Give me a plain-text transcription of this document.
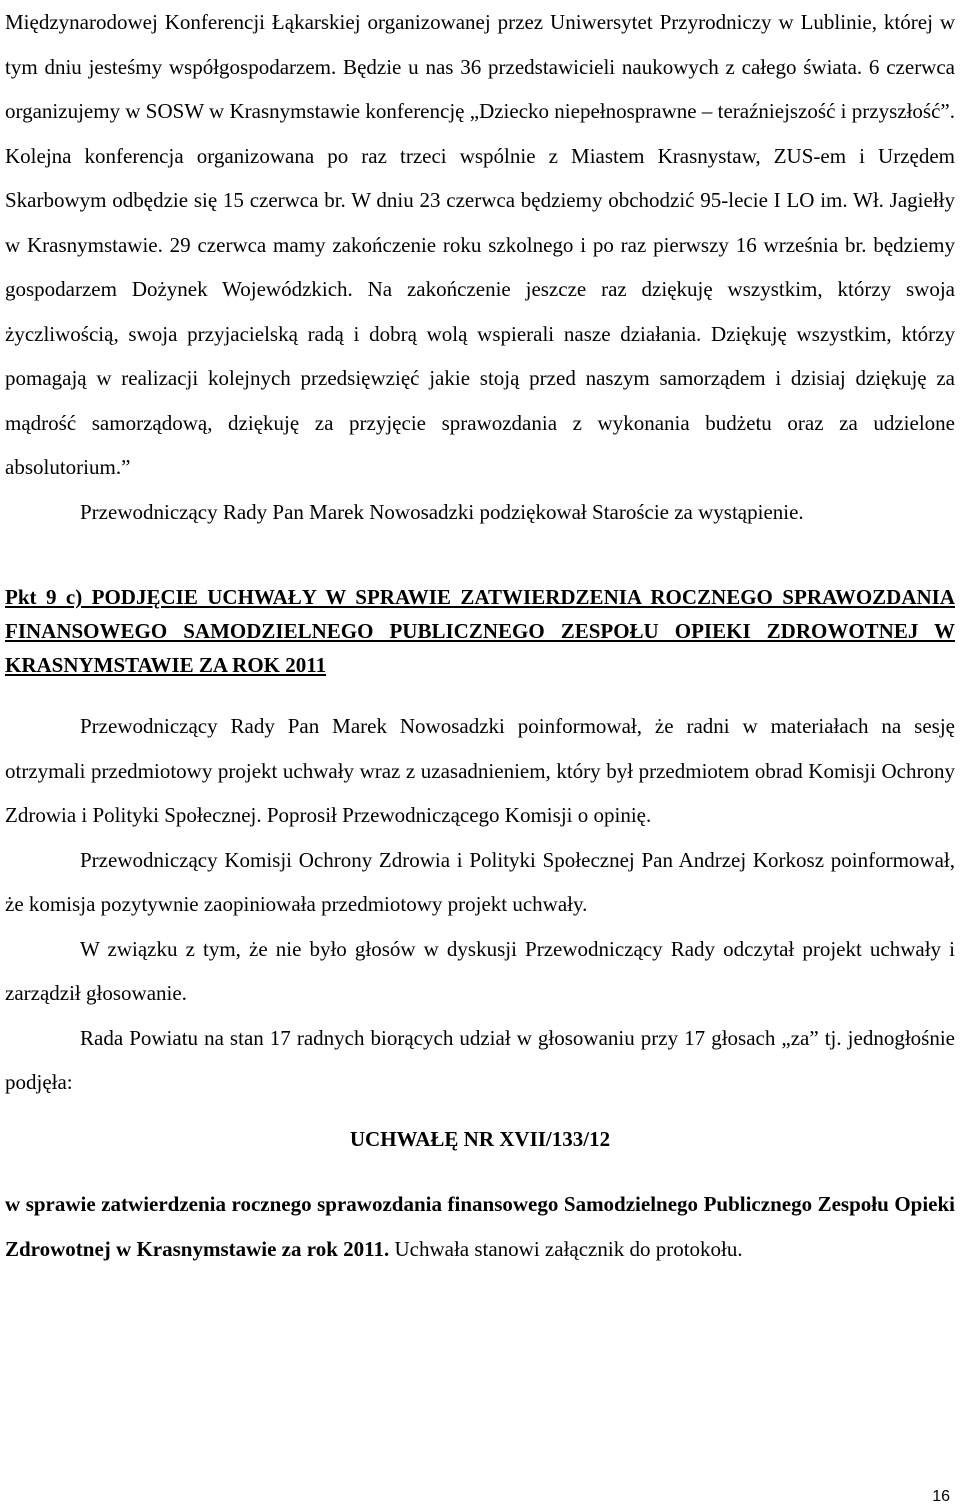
Międzynarodowej Konferencji Łąkarskiej organizowanej przez Uniwersytet Przyrodniczy w Lublinie, której w tym dniu jesteśmy współgospodarzem. Będzie u nas 36 przedstawicieli naukowych z całego świata. 6 czerwca organizujemy w SOSW w Krasnymstawie konferencję „Dziecko niepełnosprawne – teraźniejszość i przyszłość”. Kolejna konferencja organizowana po raz trzeci wspólnie z Miastem Krasnystaw, ZUS-em i Urzędem Skarbowym odbędzie się 15 czerwca br. W dniu 23 czerwca będziemy obchodzić 95-lecie I LO im. Wł. Jagiełły w Krasnymstawie. 29 czerwca mamy zakończenie roku szkolnego i po raz pierwszy 16 września br. będziemy gospodarzem Dożynek Wojewódzkich. Na zakończenie jeszcze raz dziękuję wszystkim, którzy swoja życzliwością, swoja przyjacielską radą i dobrą wolą wspierali nasze działania. Dziękuję wszystkim, którzy pomagają w realizacji kolejnych przedsięwzięć jakie stoją przed naszym samorządem i dzisiaj dziękuję za mądrość samorządową, dziękuję za przyjęcie sprawozdania z wykonania budżetu oraz za udzielone absolutorium.”

Przewodniczący Rady Pan Marek Nowosadzki podziękował Staroście za wystąpienie.

Pkt 9 c) PODJĘCIE UCHWAŁY W SPRAWIE ZATWIERDZENIA ROCZNEGO SPRAWOZDANIA FINANSOWEGO SAMODZIELNEGO PUBLICZNEGO ZESPOŁU OPIEKI ZDROWOTNEJ W KRASNYMSTAWIE ZA ROK 2011

Przewodniczący Rady Pan Marek Nowosadzki poinformował, że radni w materiałach na sesję otrzymali przedmiotowy projekt uchwały wraz z uzasadnieniem, który był przedmiotem obrad Komisji Ochrony Zdrowia i Polityki Społecznej. Poprosił Przewodniczącego Komisji o opinię.

Przewodniczący Komisji Ochrony Zdrowia i Polityki Społecznej Pan Andrzej Korkosz poinformował, że komisja pozytywnie zaopiniowała przedmiotowy projekt uchwały.

W związku z tym, że nie było głosów w dyskusji Przewodniczący Rady odczytał projekt uchwały i zarządził głosowanie.

Rada Powiatu na stan 17 radnych biorących udział w głosowaniu przy 17 głosach „za” tj. jednogłośnie podjęła:

UCHWAŁĘ NR XVII/133/12

w sprawie zatwierdzenia rocznego sprawozdania finansowego Samodzielnego Publicznego Zespołu Opieki Zdrowotnej w Krasnymstawie za rok 2011. Uchwała stanowi załącznik do protokołu.

16
